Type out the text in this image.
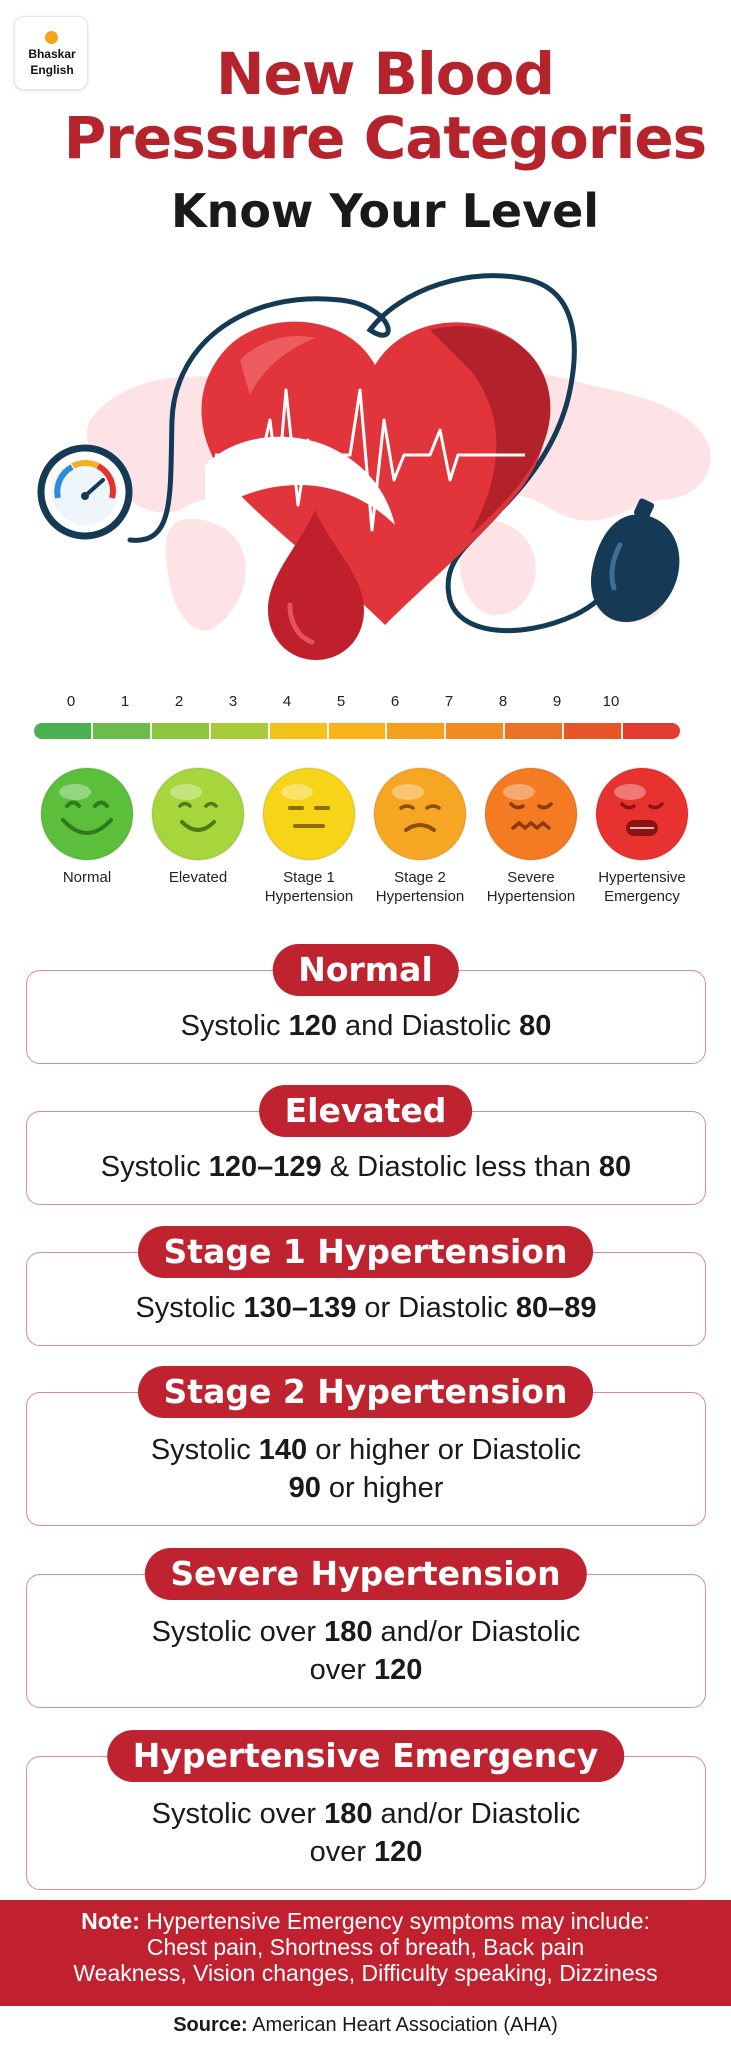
Bhaskar
English	New Blood
Pressure Categories
Know Your Level
0	1	2	3	4	5	6	7	8	9	10
Normal	Elevated	Stage 1
Hypertension
Stage 2
Hypertension
Severe
Hypertension
Hypertensive
Emergency
Normal
Systolic 120 and Diastolic 80
Elevated
Systolic 120–129 & Diastolic less than 80
Stage 1 Hypertension
Systolic 130–139 or Diastolic 80–89
Stage 2 Hypertension
Systolic 140 or higher or Diastolic
90 or higher
Severe Hypertension
Systolic over 180 and/or Diastolic
over 120
Hypertensive Emergency
Systolic over 180 and/or Diastolic
over 120
Note: Hypertensive Emergency symptoms may include:
Chest pain, Shortness of breath, Back pain
Weakness, Vision changes, Difficulty speaking, Dizziness
Source: American Heart Association (AHA)
